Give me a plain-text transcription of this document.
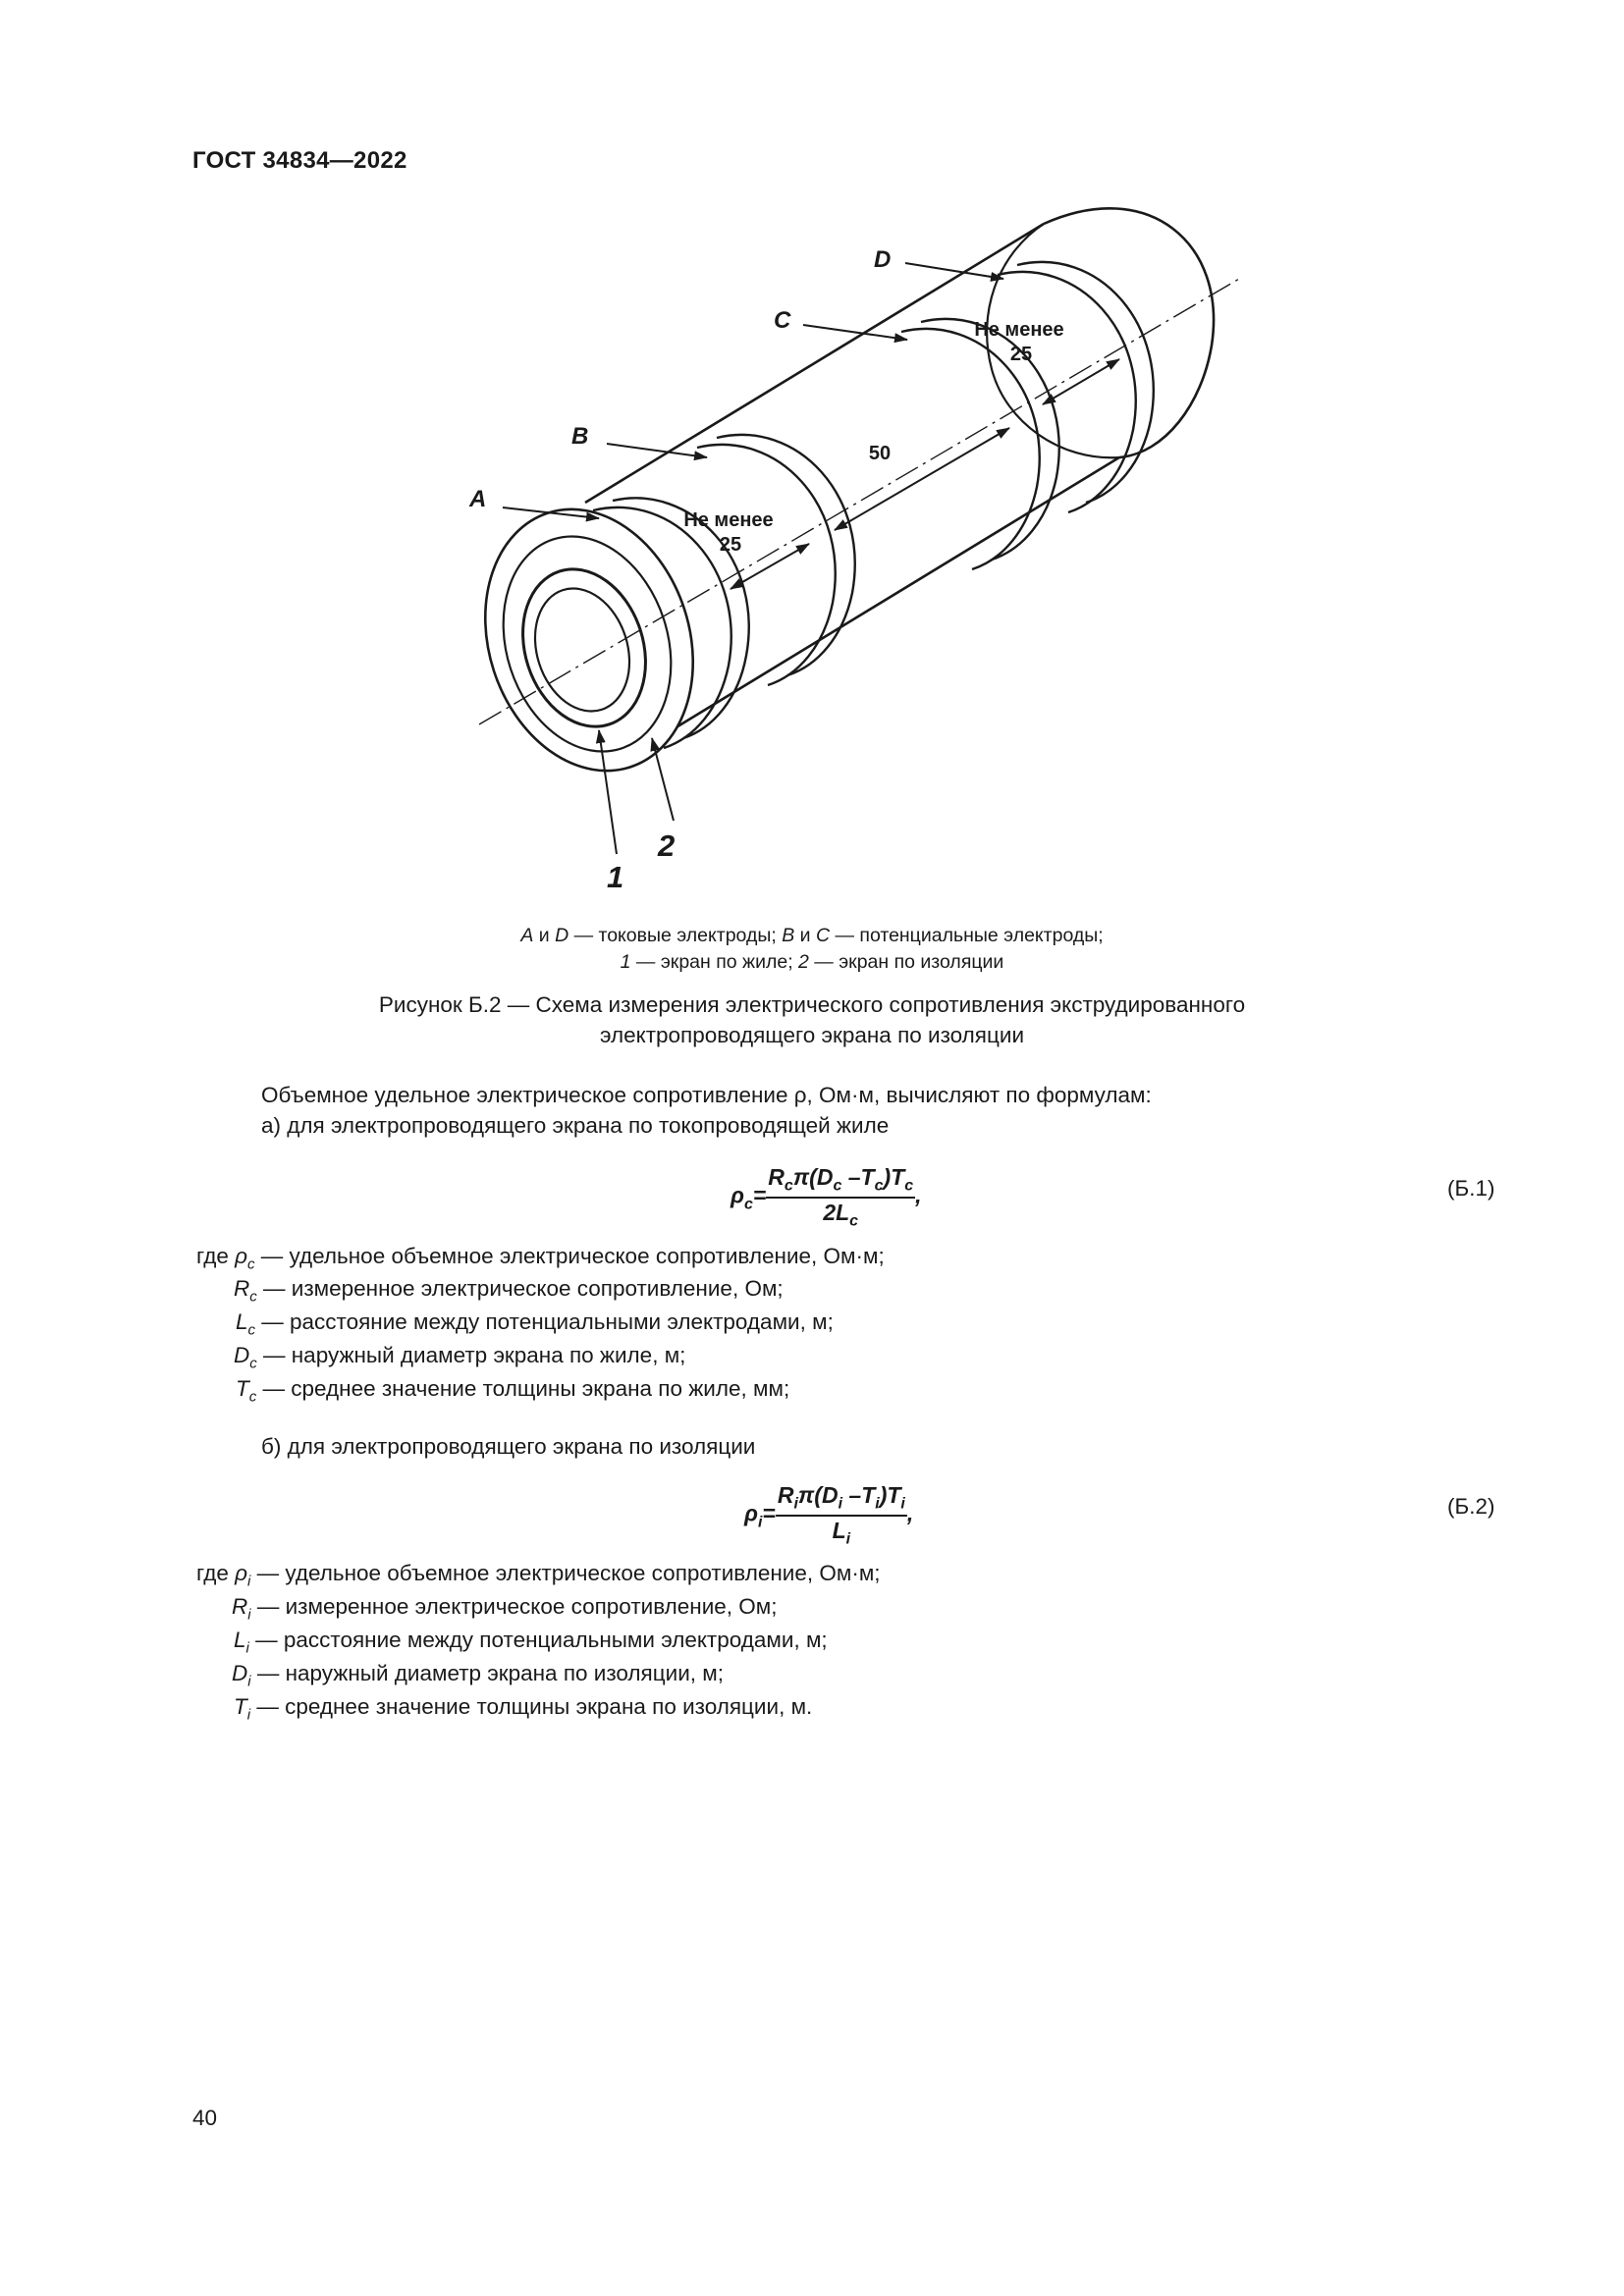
ГОСТ 34834—2022
A
B
C
D
Не менее
25
50
Не менее
25
1
2
A и D — токовые электроды; B и C — потенциальные электроды;
1 — экран по жиле; 2 — экран по изоляции
Рисунок Б.2 — Схема измерения электрического сопротивления экструдированного
электропроводящего экрана по изоляции
Объемное удельное электрическое сопротивление ρ, Ом·м, вычисляют по формулам:
а) для электропроводящего экрана по токопроводящей жиле
$\rho_c= \frac{R_c\pi(D_c -T_c)T_c}{2L_c}$ ,	(Б.1)
где $\rho_c$ — удельное объемное электрическое сопротивление, Ом·м;
$R_c$ — измеренное электрическое сопротивление, Ом;
$L_c$ — расстояние между потенциальными электродами, м;
$D_c$ — наружный диаметр экрана по жиле, м;
$T_c$ — среднее значение толщины экрана по жиле, мм;
б) для электропроводящего экрана по изоляции
$\rho_i= \frac{R_i\pi(D_i -T_i)T_i}{L_i}$ ,	(Б.2)
где $\rho_i$ — удельное объемное электрическое сопротивление, Ом·м;
$R_i$ — измеренное электрическое сопротивление, Ом;
$L_i$ — расстояние между потенциальными электродами, м;
$D_i$ — наружный диаметр экрана по изоляции, м;
$T_i$ — среднее значение толщины экрана по изоляции, м.
40
